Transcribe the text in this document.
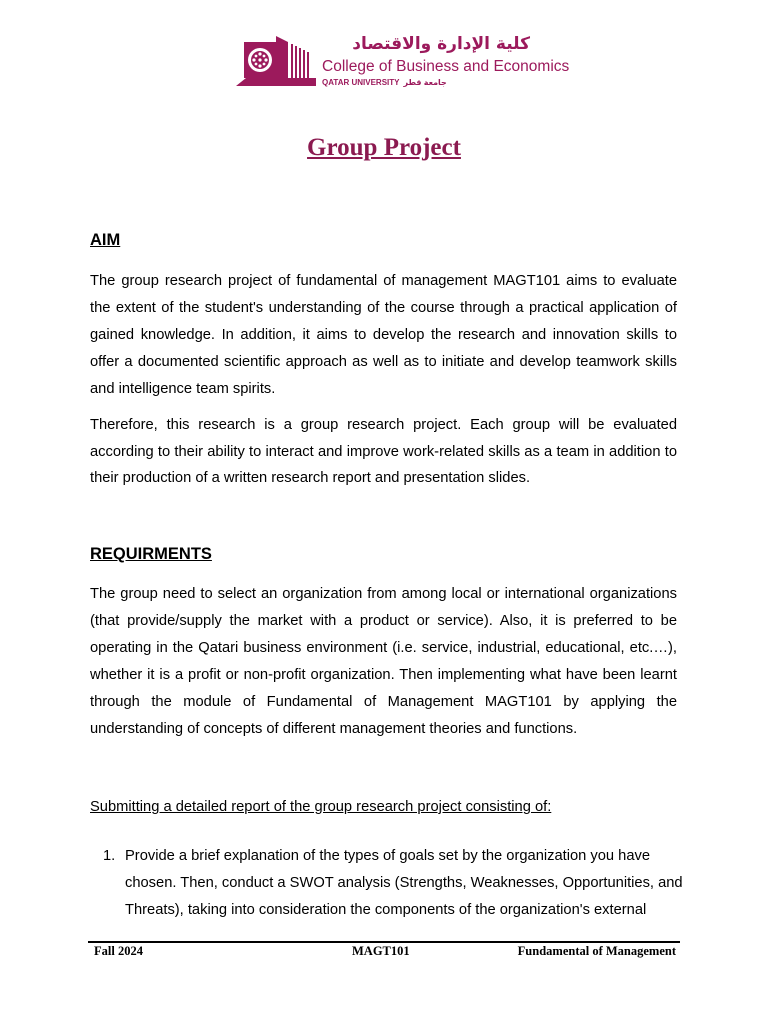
كلية الإدارة والاقتصاد
College of Business and Economics
QATAR UNIVERSITY جامعة قطر
Group Project
AIM
The group research project of fundamental of management MAGT101 aims to evaluate the extent of the student's understanding of the course through a practical application of gained knowledge. In addition, it aims to develop the research and innovation skills to offer a documented scientific approach as well as to initiate and develop teamwork skills and intelligence team spirits.
Therefore, this research is a group research project. Each group will be evaluated according to their ability to interact and improve work-related skills as a team in addition to their production of a written research report and presentation slides.
REQUIRMENTS
The group need to select an organization from among local or international organizations (that provide/supply the market with a product or service). Also, it is preferred to be operating in the Qatari business environment (i.e. service, industrial, educational, etc.…), whether it is a profit or non-profit organization. Then implementing what have been learnt through the module of Fundamental of Management MAGT101 by applying the understanding of concepts of different management theories and functions.
Submitting a detailed report of the group research project consisting of:
1. Provide a brief explanation of the types of goals set by the organization you have chosen. Then, conduct a SWOT analysis (Strengths, Weaknesses, Opportunities, and Threats), taking into consideration the components of the organization's external
Fall 2024	MAGT101	Fundamental of Management
